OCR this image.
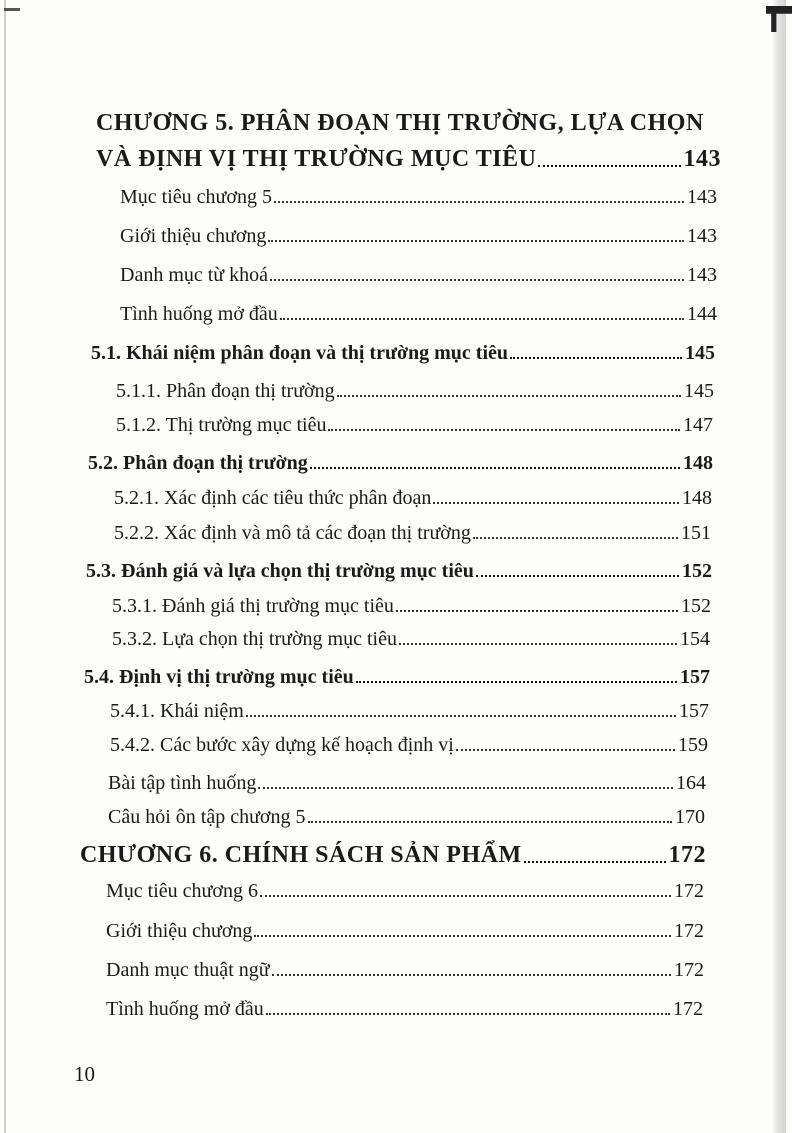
CHƯƠNG 5. PHÂN ĐOẠN THỊ TRƯỜNG, LỰA CHỌN
VÀ ĐỊNH VỊ THỊ TRƯỜNG MỤC TIÊU	143
Mục tiêu chương 5	143
Giới thiệu chương	143
Danh mục từ khoá	143
Tình huống mở đầu	144
5.1. Khái niệm phân đoạn và thị trường mục tiêu	145
5.1.1. Phân đoạn thị trường	145
5.1.2. Thị trường mục tiêu	147
5.2. Phân đoạn thị trường	148
5.2.1. Xác định các tiêu thức phân đoạn	148
5.2.2. Xác định và mô tả các đoạn thị trường	151
5.3. Đánh giá và lựa chọn thị trường mục tiêu	152
5.3.1. Đánh giá thị trường mục tiêu	152
5.3.2. Lựa chọn thị trường mục tiêu	154
5.4. Định vị thị trường mục tiêu	157
5.4.1. Khái niệm	157
5.4.2. Các bước xây dựng kế hoạch định vị	159
Bài tập tình huống	164
Câu hỏi ôn tập chương 5	170
CHƯƠNG 6. CHÍNH SÁCH SẢN PHẨM	172
Mục tiêu chương 6	172
Giới thiệu chương	172
Danh mục thuật ngữ	172
Tình huống mở đầu	172
10
